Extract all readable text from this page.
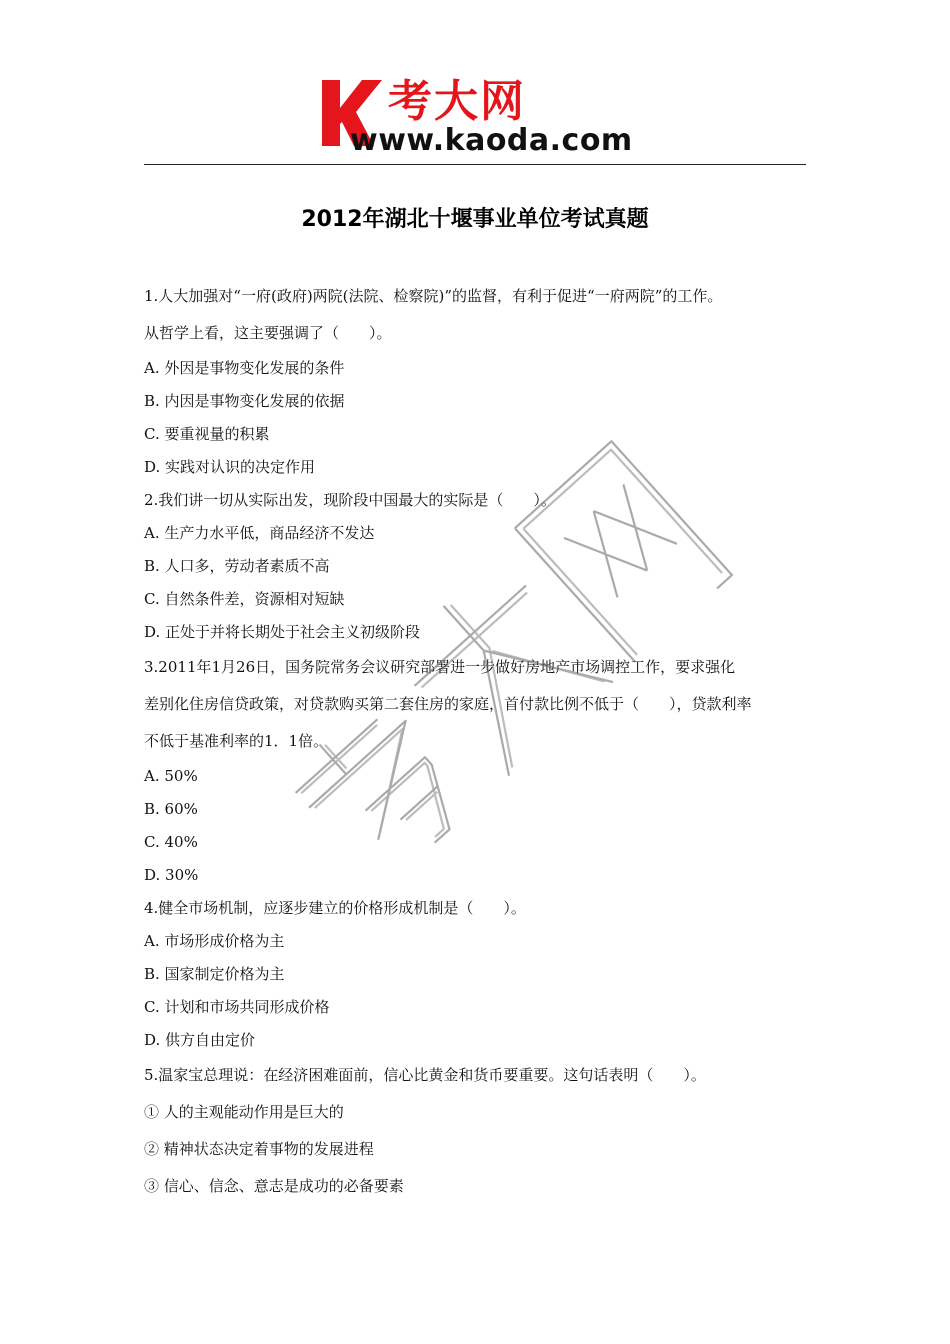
考大网
www.kaoda.com
2012年湖北十堰事业单位考试真题
1.人大加强对“一府(政府)两院(法院、检察院)”的监督，有利于促进“一府两院”的工作。
从哲学上看，这主要强调了（　　）。
A. 外因是事物变化发展的条件
B. 内因是事物变化发展的依据
C. 要重视量的积累
D. 实践对认识的决定作用
2.我们讲一切从实际出发，现阶段中国最大的实际是（　　）。
A. 生产力水平低，商品经济不发达
B. 人口多，劳动者素质不高
C. 自然条件差，资源相对短缺
D. 正处于并将长期处于社会主义初级阶段
3.2011年1月26日，国务院常务会议研究部署进一步做好房地产市场调控工作，要求强化
差别化住房信贷政策，对贷款购买第二套住房的家庭，首付款比例不低于（　　），贷款利率
不低于基准利率的1．1倍。
A. 50%
B. 60%
C. 40%
D. 30%
4.健全市场机制，应逐步建立的价格形成机制是（　　）。
A. 市场形成价格为主
B. 国家制定价格为主
C. 计划和市场共同形成价格
D. 供方自由定价
5.温家宝总理说：在经济困难面前，信心比黄金和货币要重要。这句话表明（　　）。
① 人的主观能动作用是巨大的
② 精神状态决定着事物的发展进程
③ 信心、信念、意志是成功的必备要素
